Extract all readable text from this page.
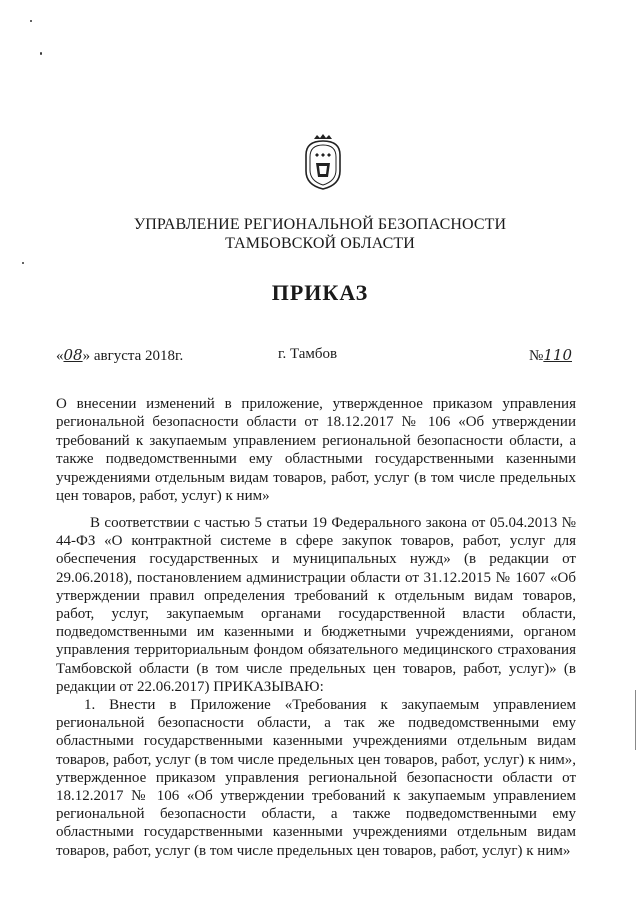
УПРАВЛЕНИЕ РЕГИОНАЛЬНОЙ БЕЗОПАСНОСТИ
ТАМБОВСКОЙ ОБЛАСТИ
ПРИКАЗ
«08» августа 2018г.	г. Тамбов	№110
О внесении изменений в приложение, утвержденное приказом управления региональной безопасности области от 18.12.2017 № 106 «Об утверждении требований к закупаемым управлением региональной безопасности области, а также подведомственными ему областными государственными казенными учреждениями отдельным видам товаров, работ, услуг (в том числе предельных цен товаров, работ, услуг) к ним»

В соответствии с частью 5 статьи 19 Федерального закона от 05.04.2013 № 44-ФЗ «О контрактной системе в сфере закупок товаров, работ, услуг для обеспечения государственных и муниципальных нужд» (в редакции от 29.06.2018), постановлением администрации области от 31.12.2015 № 1607 «Об утверждении правил определения требований к отдельным видам товаров, работ, услуг, закупаемым органами государственной власти области, подведомственными им казенными и бюджетными учреждениями, органом управления территориальным фондом обязательного медицинского страхования Тамбовской области (в том числе предельных цен товаров, работ, услуг)» (в редакции от 22.06.2017) ПРИКАЗЫВАЮ:

1. Внести в Приложение «Требования к закупаемым управлением региональной безопасности области, а так же подведомственными ему областными государственными казенными учреждениями отдельным видам товаров, работ, услуг (в том числе предельных цен товаров, работ, услуг) к ним», утвержденное приказом управления региональной безопасности области от 18.12.2017 № 106 «Об утверждении требований к закупаемым управлением региональной безопасности области, а также подведомственными ему областными государственными казенными учреждениями отдельным видам товаров, работ, услуг (в том числе предельных цен товаров, работ, услуг) к ним»
